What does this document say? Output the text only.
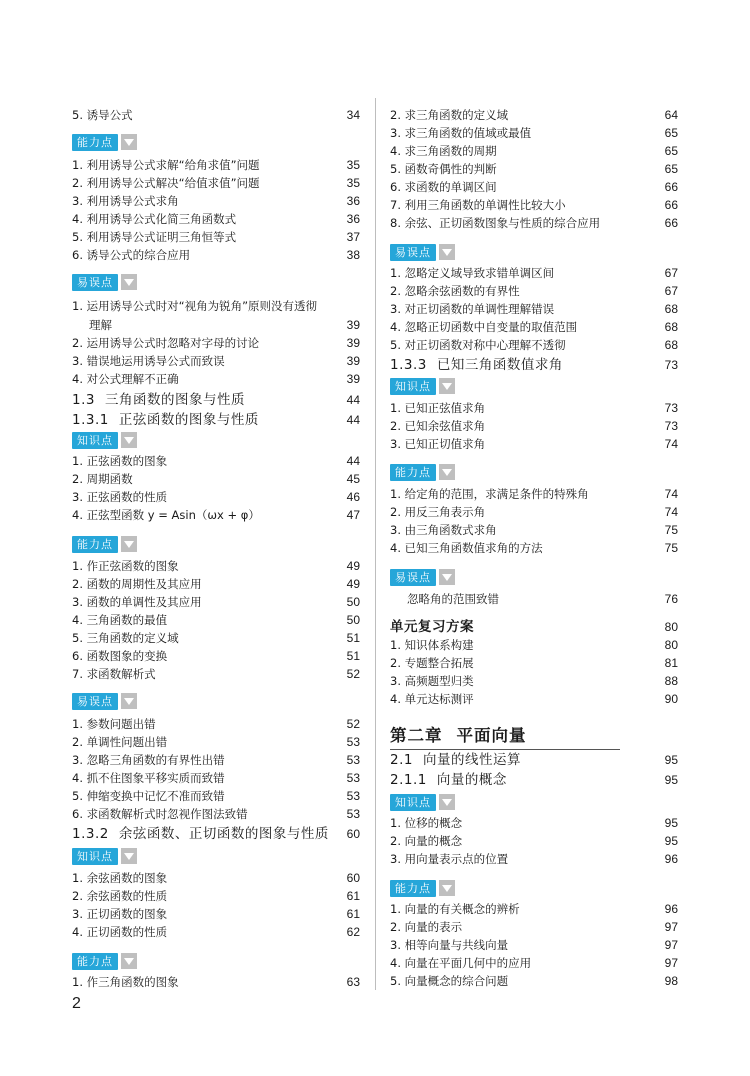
5. 诱导公式	34
能力点
1. 利用诱导公式求解“给角求值”问题	35
2. 利用诱导公式解决“给值求值”问题	35
3. 利用诱导公式求角	36
4. 利用诱导公式化简三角函数式	36
5. 利用诱导公式证明三角恒等式	37
6. 诱导公式的综合应用	38
易误点
1. 运用诱导公式时对“视角为锐角”原则没有透彻
理解	39
2. 运用诱导公式时忽略对字母的讨论	39
3. 错误地运用诱导公式而致误	39
4. 对公式理解不正确	39
1.3 三角函数的图象与性质	44
1.3.1 正弦函数的图象与性质	44
知识点
1. 正弦函数的图象	44
2. 周期函数	45
3. 正弦函数的性质	46
4. 正弦型函数 y = Asin（ωx + φ）	47
能力点
1. 作正弦函数的图象	49
2. 函数的周期性及其应用	49
3. 函数的单调性及其应用	50
4. 三角函数的最值	50
5. 三角函数的定义域	51
6. 函数图象的变换	51
7. 求函数解析式	52
易误点
1. 参数问题出错	52
2. 单调性问题出错	53
3. 忽略三角函数的有界性出错	53
4. 抓不住图象平移实质而致错	53
5. 伸缩变换中记忆不准而致错	53
6. 求函数解析式时忽视作图法致错	53
1.3.2 余弦函数、正切函数的图象与性质 60
知识点
1. 余弦函数的图象	60
2. 余弦函数的性质	61
3. 正切函数的图象	61
4. 正切函数的性质	62
能力点
1. 作三角函数的图象	63
2. 求三角函数的定义域	64
3. 求三角函数的值域或最值	65
4. 求三角函数的周期	65
5. 函数奇偶性的判断	65
6. 求函数的单调区间	66
7. 利用三角函数的单调性比较大小	66
8. 余弦、正切函数图象与性质的综合应用	66
易误点
1. 忽略定义域导致求错单调区间	67
2. 忽略余弦函数的有界性	67
3. 对正切函数的单调性理解错误	68
4. 忽略正切函数中自变量的取值范围	68
5. 对正切函数对称中心理解不透彻	68
1.3.3 已知三角函数值求角	73
知识点
1. 已知正弦值求角	73
2. 已知余弦值求角	73
3. 已知正切值求角	74
能力点
1. 给定角的范围，求满足条件的特殊角	74
2. 用反三角表示角	74
3. 由三角函数式求角	75
4. 已知三角函数值求角的方法	75
易误点
忽略角的范围致错	76
单元复习方案	80
1. 知识体系构建	80
2. 专题整合拓展	81
3. 高频题型归类	88
4. 单元达标测评	90
第二章 平面向量
2.1 向量的线性运算	95
2.1.1 向量的概念	95
知识点
1. 位移的概念	95
2. 向量的概念	95
3. 用向量表示点的位置	96
能力点
1. 向量的有关概念的辨析	96
2. 向量的表示	97
3. 相等向量与共线向量	97
4. 向量在平面几何中的应用	97
5. 向量概念的综合问题	98
2
